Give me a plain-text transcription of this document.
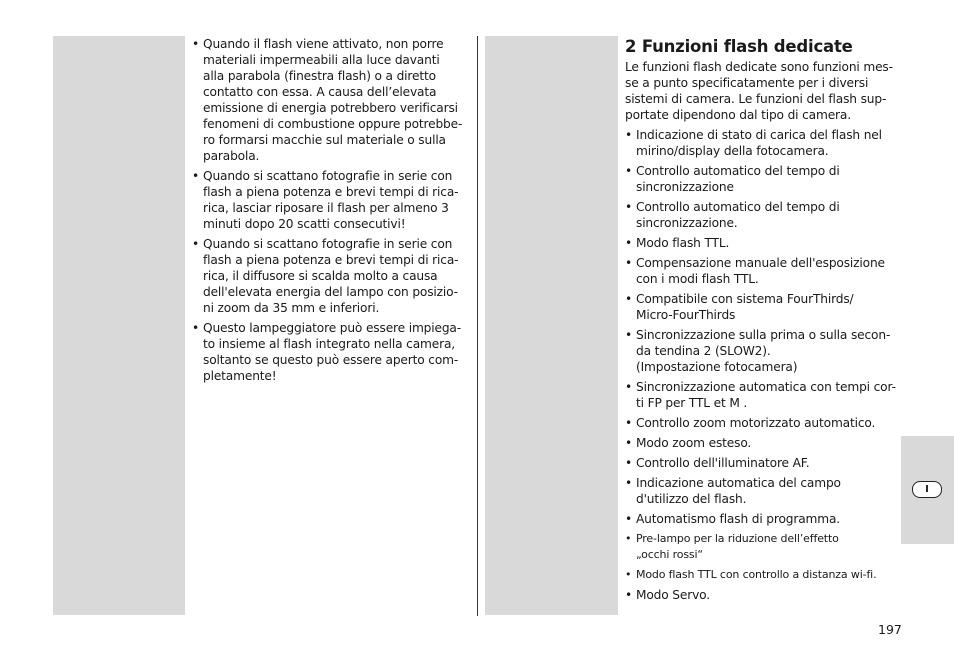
• Quando il flash viene attivato, non porre
materiali impermeabili alla luce davanti
alla parabola (finestra flash) o a diretto
contatto con essa. A causa dell’elevata
emissione di energia potrebbero verificarsi
fenomeni di combustione oppure potrebbe-
ro formarsi macchie sul materiale o sulla
parabola.
• Quando si scattano fotografie in serie con
flash a piena potenza e brevi tempi di rica-
rica, lasciar riposare il flash per almeno 3
minuti dopo 20 scatti consecutivi!
• Quando si scattano fotografie in serie con
flash a piena potenza e brevi tempi di rica-
rica, il diffusore si scalda molto a causa
dell'elevata energia del lampo con posizio-
ni zoom da 35 mm e inferiori.
• Questo lampeggiatore può essere impiega-
to insieme al flash integrato nella camera,
soltanto se questo può essere aperto com-
pletamente!
2 Funzioni flash dedicate
Le funzioni flash dedicate sono funzioni mes-
se a punto specificatamente per i diversi
sistemi di camera. Le funzioni del flash sup-
portate dipendono dal tipo di camera.
• Indicazione di stato di carica del flash nel
mirino/display della fotocamera.
• Controllo automatico del tempo di
sincronizzazione
• Controllo automatico del tempo di
sincronizzazione.
• Modo flash TTL.
• Compensazione manuale dell'esposizione
con i modi flash TTL.
• Compatibile con sistema FourThirds/
Micro-FourThirds
• Sincronizzazione sulla prima o sulla secon-
da tendina 2 (SLOW2).
(Impostazione fotocamera)
• Sincronizzazione automatica con tempi cor-
ti FP per TTL et M .
• Controllo zoom motorizzato automatico.
• Modo zoom esteso.
• Controllo dell'illuminatore AF.
• Indicazione automatica del campo
d'utilizzo del flash.
• Automatismo flash di programma.
• Pre-lampo per la riduzione dell’effetto
„occhi rossi“
• Modo flash TTL con controllo a distanza wi-fi.
• Modo Servo.
I
197
